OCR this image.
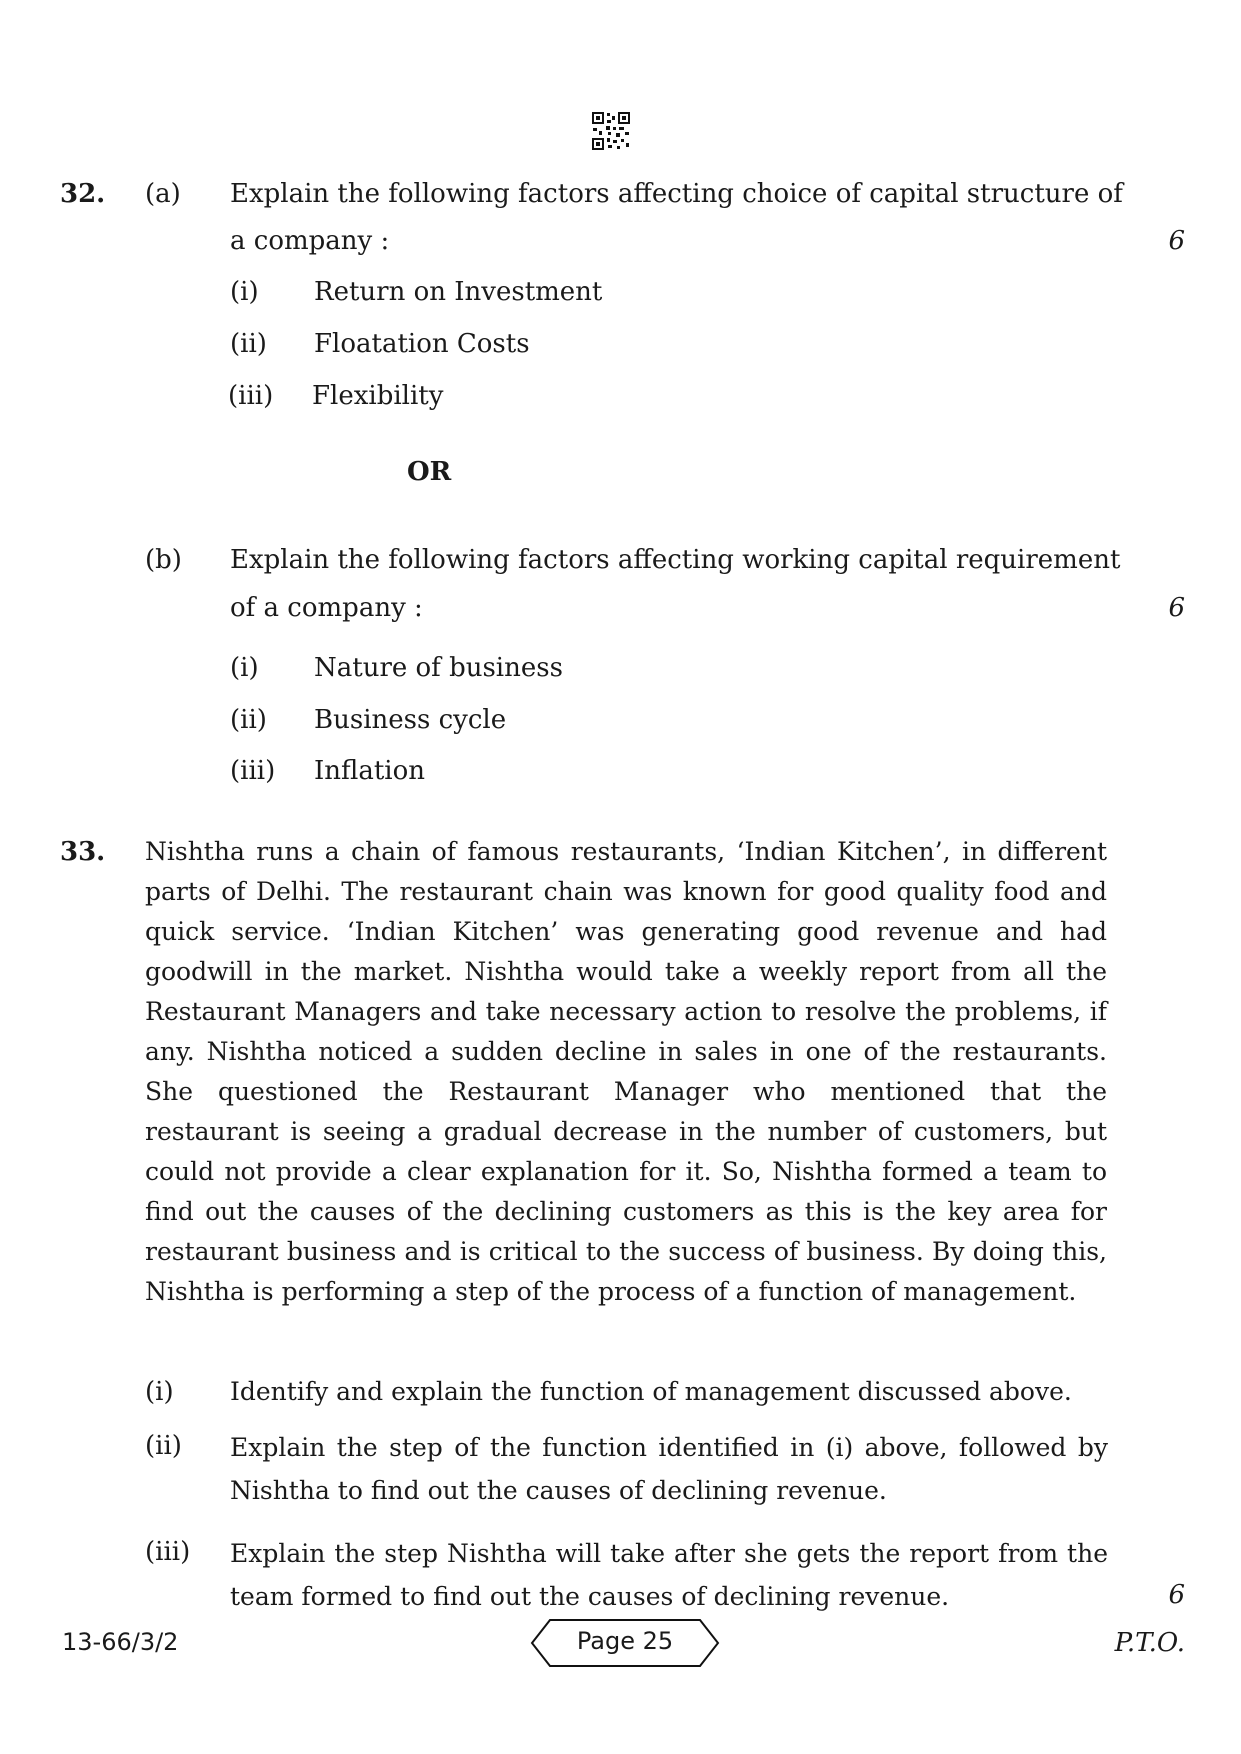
32. (a) Explain the following factors affecting choice of capital structure of
a company :	6
(i) Return on Investment
(ii) Floatation Costs
(iii) Flexibility
OR
(b) Explain the following factors affecting working capital requirement
of a company :	6
(i) Nature of business
(ii) Business cycle
(iii) Inflation
33. Nishtha runs a chain of famous restaurants, ‘Indian Kitchen’, in different parts of Delhi. The restaurant chain was known for good quality food and quick service. ‘Indian Kitchen’ was generating good revenue and had goodwill in the market. Nishtha would take a weekly report from all the Restaurant Managers and take necessary action to resolve the problems, if any. Nishtha noticed a sudden decline in sales in one of the restaurants. She questioned the Restaurant Manager who mentioned that the restaurant is seeing a gradual decrease in the number of customers, but could not provide a clear explanation for it. So, Nishtha formed a team to find out the causes of the declining customers as this is the key area for restaurant business and is critical to the success of business. By doing this, Nishtha is performing a step of the process of a function of management.
(i) Identify and explain the function of management discussed above.
(ii) Explain the step of the function identified in (i) above, followed by Nishtha to find out the causes of declining revenue.
(iii) Explain the step Nishtha will take after she gets the report from the team formed to find out the causes of declining revenue.	6
13-66/3/2	Page 25	P.T.O.
